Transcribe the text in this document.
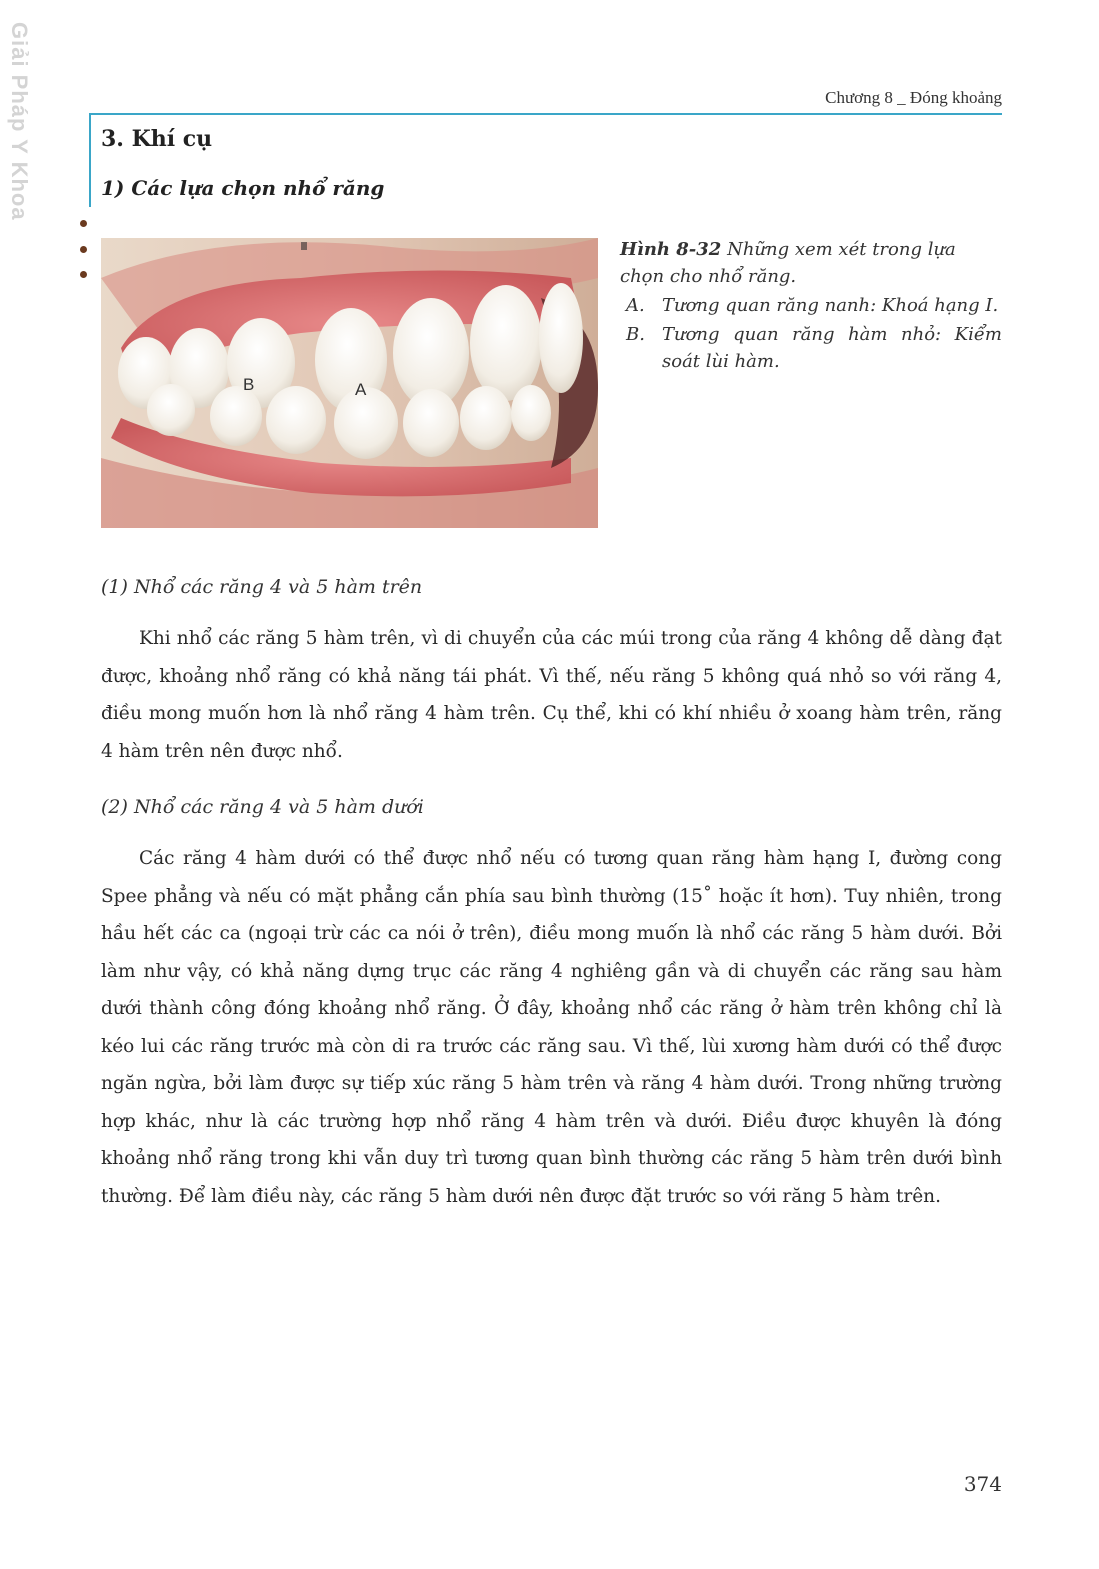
Giải Pháp Y Khoa	Chương 8 _ Đóng khoảng
3. Khí cụ
1) Các lựa chọn nhổ răng
B	A
Hình 8-32 Những xem xét trong lựa chọn cho nhổ răng.
A. Tương quan răng nanh: Khoá hạng I.
B. Tương quan răng hàm nhỏ: Kiểm soát lùi hàm.
(1) Nhổ các răng 4 và 5 hàm trên
Khi nhổ các răng 5 hàm trên, vì di chuyển của các múi trong của răng 4 không dễ dàng đạt được, khoảng nhổ răng có khả năng tái phát. Vì thế, nếu răng 5 không quá nhỏ so với răng 4, điều mong muốn hơn là nhổ răng 4 hàm trên. Cụ thể, khi có khí nhiều ở xoang hàm trên, răng 4 hàm trên nên được nhổ.
(2) Nhổ các răng 4 và 5 hàm dưới
Các răng 4 hàm dưới có thể được nhổ nếu có tương quan răng hàm hạng I, đường cong Spee phẳng và nếu có mặt phẳng cắn phía sau bình thường (15˚ hoặc ít hơn). Tuy nhiên, trong hầu hết các ca (ngoại trừ các ca nói ở trên), điều mong muốn là nhổ các răng 5 hàm dưới. Bởi làm như vậy, có khả năng dựng trục các răng 4 nghiêng gần và di chuyển các răng sau hàm dưới thành công đóng khoảng nhổ răng. Ở đây, khoảng nhổ các răng ở hàm trên không chỉ là kéo lui các răng trước mà còn di ra trước các răng sau. Vì thế, lùi xương hàm dưới có thể được ngăn ngừa, bởi làm được sự tiếp xúc răng 5 hàm trên và răng 4 hàm dưới. Trong những trường hợp khác, như là các trường hợp nhổ răng 4 hàm trên và dưới. Điều được khuyên là đóng khoảng nhổ răng trong khi vẫn duy trì tương quan bình thường các răng 5 hàm trên dưới bình thường. Để làm điều này, các răng 5 hàm dưới nên được đặt trước so với răng 5 hàm trên.
374
